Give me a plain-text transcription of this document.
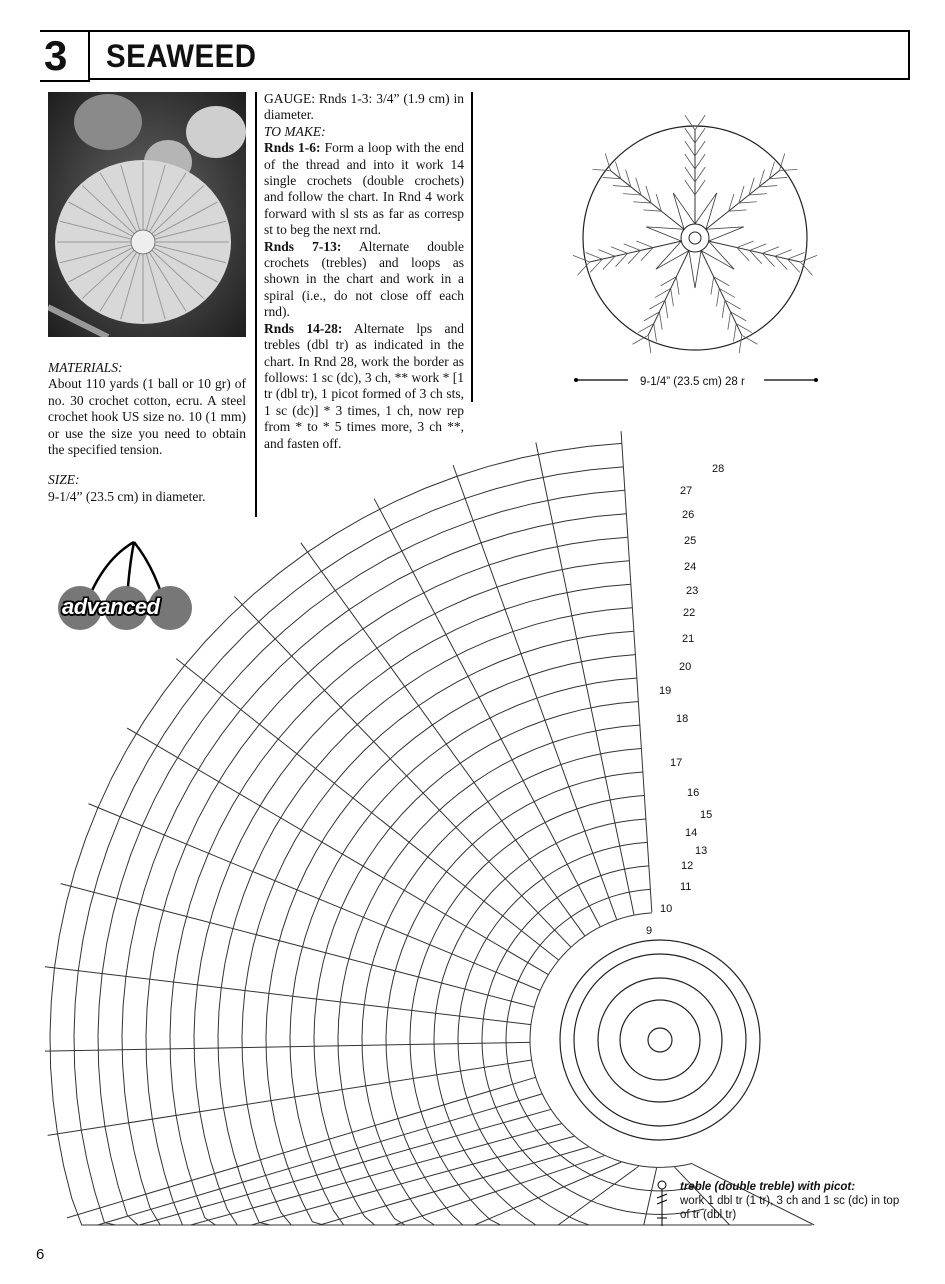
3 SEAWEED

MATERIALS:

About 110 yards (1 ball or 10 gr) of no. 30 crochet cotton, ecru. A steel crochet hook US size no. 10 (1 mm) or use the size you need to obtain the specified tension.

SIZE:

9-1/4” (23.5 cm) in diameter.

GAUGE: Rnds 1-3: 3/4” (1.9 cm) in diameter.

TO MAKE:

Rnds 1-6: Form a loop with the end of the thread and into it work 14 single crochets (double crochets) and follow the chart. In Rnd 4 work forward with sl sts as far as corresp st to beg the next rnd.

Rnds 7-13: Alternate double crochets (trebles) and loops as shown in the chart and work in a spiral (i.e., do not close off each rnd).

Rnds 14-28: Alternate lps and trebles (dbl tr) as indicated in the chart. In Rnd 28, work the border as follows: 1 sc (dc), 3 ch, ** work * [1 tr (dbl tr), 1 picot formed of 3 ch sts, 1 sc (dc)] * 3 times, 1 ch, now rep from * to * 5 times more, 3 ch **, and fasten off.

advanced
9-1/4” (23.5 cm) 28 r
28
27
26
25
24
23
22
21
20
19
18
17
16
15
14
13
12
11
10
9
treble (double treble) with picot:
work 1 dbl tr (1 tr), 3 ch and 1 sc (dc) in top of tr (dbl tr)
6
